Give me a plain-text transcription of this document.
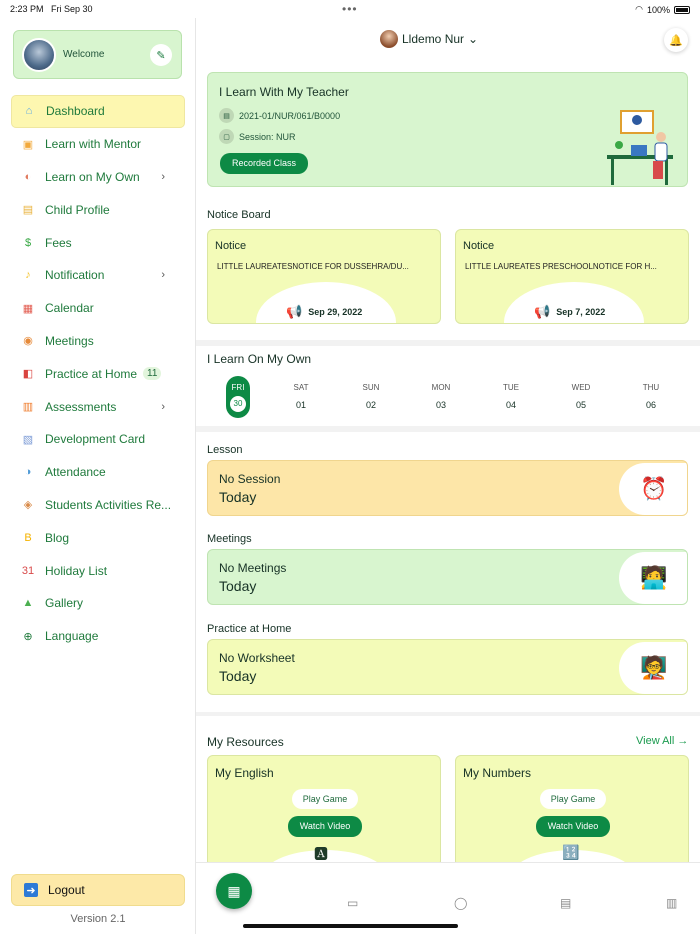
2:23 PM Fri Sep 30	•••	◠ 100%
Welcome	✎
⌂	Dashboard
▣ Learn with Mentor
◐	Learn on My Own ›
▤ Child Profile
$	Fees
♪	Notification	›
▦ Calendar
◉ Meetings
◧ Practice at Home	11
▥ Assessments	›
▧ Development Card
◑	Attendance
◈ Students Activities Re...
B Blog
31 Holiday List
▲ Gallery
⊕ Language
➜ Logout
Version 2.1
Lldemo Nur ⌄	🔔
I Learn With My Teacher
▤	2021-01/NUR/061/B0000
▢	Session: NUR
Recorded Class
Notice Board
Notice
LITTLE LAUREATESNOTICE FOR DUSSEHRA/DU...
📢 Sep 29, 2022
Notice
LITTLE LAUREATES PRESCHOOLNOTICE FOR H...
📢 Sep 7, 2022
I Learn On My Own
FRI
30
SAT
01
SUN
02
MON
03
TUE
04
WED
05
THU
06
Lesson
No Session
Today	⏰
Meetings
No Meetings
Today	🧑‍💻
Practice at Home
No Worksheet
Today	🧑‍🏫
My Resources	View All →
My English
Play Game
Watch Video
🅰
My Numbers
Play Game
Watch Video
🔢
▦
▭	◯	▤	▥
